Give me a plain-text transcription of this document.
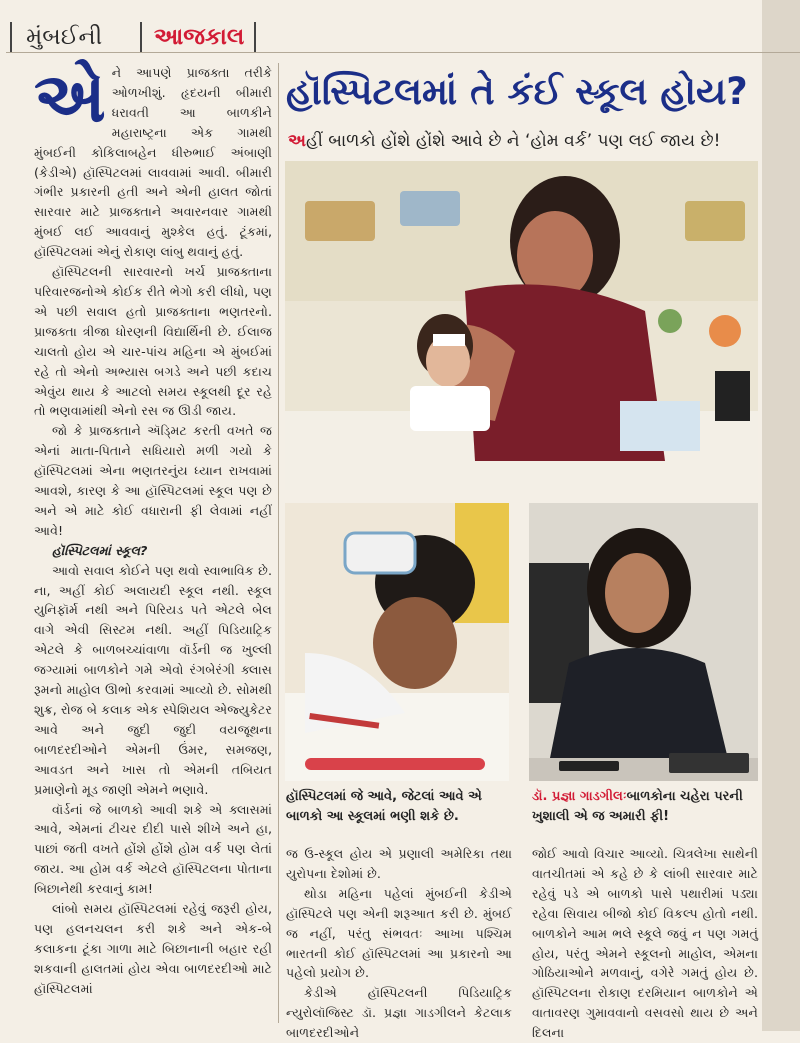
મુંબઈની આજકાલ
હૉસ્પિટલમાં તે કંઈ સ્કૂલ હોય?
અહીં બાળકો હોંશે હોંશે આવે છે ને ‘હોમ વર્ક’ પણ લઈ જાય છે!

એને આપણે પ્રાજક્તા તરીકે ઓળખીશું. હૃદયની બીમારી ધરાવતી આ બાળકીને મહારાષ્ટ્રના એક ગામથી મુંબઈની કોકિલાબહેન ધીરુભાઈ અંબાણી (કેડીએ) હૉસ્પિટલમાં લાવવામાં આવી. બીમારી ગંભીર પ્રકારની હતી અને એની હાલત જોતાં સારવાર માટે પ્રાજક્તાને અવારનવાર ગામથી મુંબઈ લઈ આવવાનું મુશ્કેલ હતું. ટૂંકમાં, હૉસ્પિટલમાં એનું રોકાણ લાંબુ થવાનું હતું.

હૉસ્પિટલની સારવારનો ખર્ચ પ્રાજક્તાના પરિવારજનોએ કોઈક રીતે ભેગો કરી લીધો, પણ એ પછી સવાલ હતો પ્રાજક્તાના ભણતરનો. પ્રાજક્તા ત્રીજા ધોરણની વિદ્યાર્થિની છે. ઈલાજ ચાલતો હોય એ ચાર-પાંચ મહિના એ મુંબઈમાં રહે તો એનો અભ્યાસ બગડે અને પછી કદાચ એવુંય થાય કે આટલો સમય સ્કૂલથી દૂર રહે તો ભણવામાંથી એનો રસ જ ઊડી જાય.

જો કે પ્રાજક્તાને ઍડ્મિટ કરતી વખતે જ એનાં માતા-પિતાને સધિયારો મળી ગયો કે હૉસ્પિટલમાં એના ભણતરનુંય ધ્યાન રાખવામાં આવશે, કારણ કે આ હૉસ્પિટલમાં સ્કૂલ પણ છે અને એ માટે કોઈ વધારાની ફી લેવામાં નહીં આવે!

હૉસ્પિટલમાં સ્કૂલ?

આવો સવાલ કોઈને પણ થવો સ્વાભાવિક છે. ના, અહીં કોઈ અલાયદી સ્કૂલ નથી. સ્કૂલ યુનિફૉર્મ નથી અને પિરિયડ પતે એટલે બેલ વાગે એવી સિસ્ટમ નથી. અહીં પિડિયાટ્રિક એટલે કે બાળબચ્ચાંવાળા વૉર્ડની જ ખુલ્લી જગ્યામાં બાળકોને ગમે એવો રંગબેરંગી ક્લાસ રૂમનો માહોલ ઊભો કરવામાં આવ્યો છે. સોમથી શુક્ર, રોજ બે કલાક એક સ્પેશિયલ એજ્યુકેટર આવે અને જુદી જુદી વયજૂથના બાળદરદીઓને એમની ઉંમર, સમજણ, આવડત અને ખાસ તો એમની તબિયત પ્રમાણેનો મૂડ જાણી એમને ભણાવે.

વૉર્ડનાં જે બાળકો આવી શકે એ ક્લાસમાં આવે, એમનાં ટીચર દીદી પાસે શીખે અને હા, પાછાં જતી વખતે હોંશે હોંશે હોમ વર્ક પણ લેતાં જાય. આ હોમ વર્ક એટલે હૉસ્પિટલના પોતાના બિછાનેથી કરવાનું કામ!

લાંબો સમય હૉસ્પિટલમાં રહેવું જરૂરી હોય, પણ હલનચલન કરી શકે અને એક-બે કલાકના ટૂંકા ગાળા માટે બિછાનાની બહાર રહી શકવાની હાલતમાં હોય એવા બાળદરદીઓ માટે હૉસ્પિટલમાં

હૉસ્પિટલમાં જે આવે, જેટલાં આવે એ બાળકો આ સ્કૂલમાં ભણી શકે છે.
ડૉ. પ્રજ્ઞા ગાડગીલઃબાળકોના ચહેરા પરની ખુશાલી એ જ અમારી ફી!

જ ઉ-સ્કૂલ હોય એ પ્રણાલી અમેરિકા તથા યુરોપના દેશોમાં છે.

થોડા મહિના પહેલાં મુંબઈની કેડીએ હૉસ્પિટલે પણ એની શરૂઆત કરી છે. મુંબઈ જ નહીં, પરંતુ સંભવતઃ આખા પશ્ચિમ ભારતની કોઈ હૉસ્પિટલમાં આ પ્રકારનો આ પહેલો પ્રયોગ છે.

કેડીએ હૉસ્પિટલની પિડિયાટ્રિક ન્યુરોલૉજિસ્ટ ડૉ. પ્રજ્ઞા ગાડગીલને કેટલાક બાળદરદીઓને

જોઈ આવો વિચાર આવ્યો. ચિત્રલેખા સાથેની વાતચીતમાં એ કહે છે કે લાંબી સારવાર માટે રહેવું પડે એ બાળકો પાસે પથારીમાં પડ્યા રહેવા સિવાય બીજો કોઈ વિકલ્પ હોતો નથી. બાળકોને આમ ભલે સ્કૂલે જવું ન પણ ગમતું હોય, પરંતુ એમને સ્કૂલનો માહોલ, એમના ગોઠિયાઓને મળવાનું, વગેરે ગમતું હોય છે. હૉસ્પિટલના રોકાણ દરમિયાન બાળકોને એ વાતાવરણ ગુમાવવાનો વસવસો થાય છે અને દિલના
